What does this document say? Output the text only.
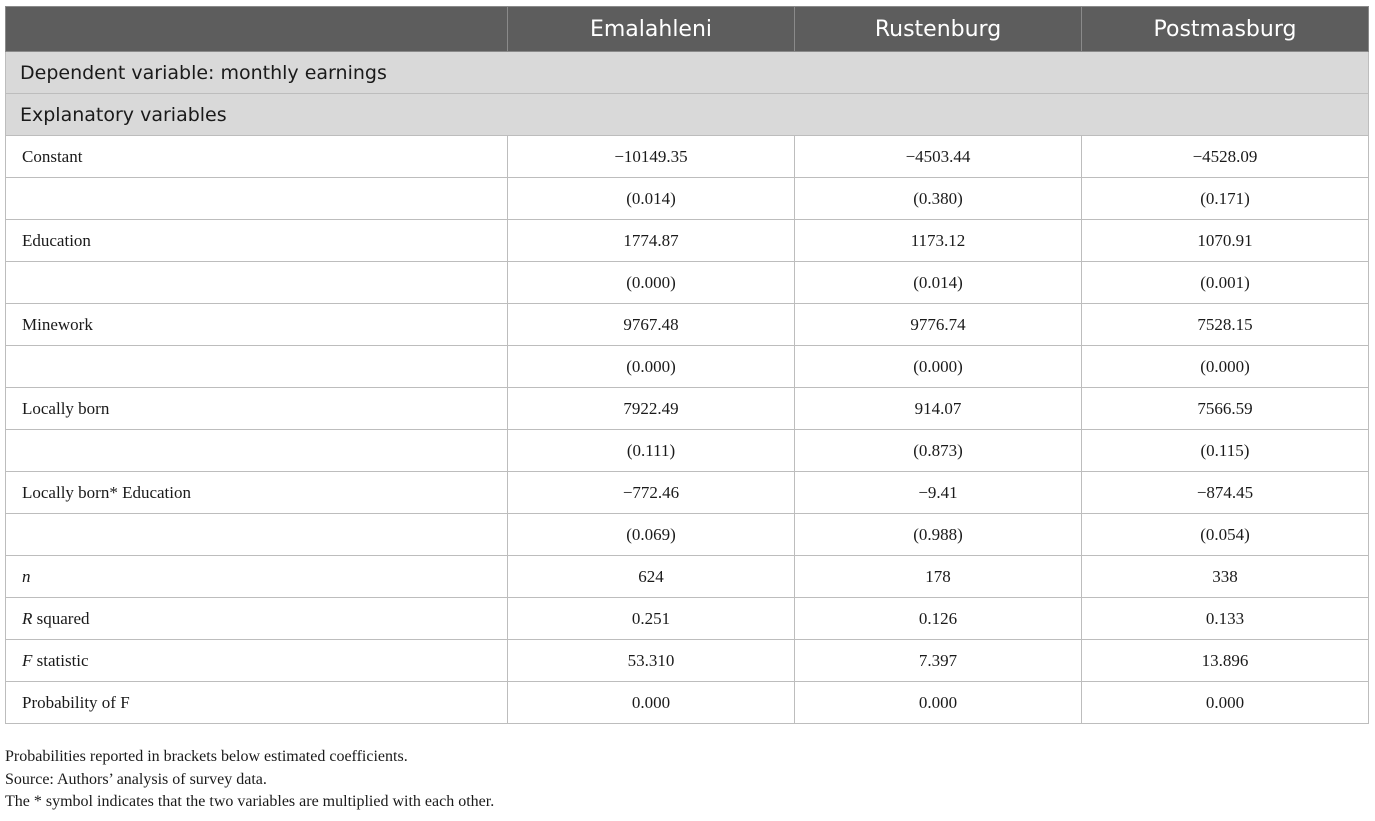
	Emalahleni	Rustenburg	Postmasburg
Dependent variable: monthly earnings			
Explanatory variables			
Constant	−10149.35	−4503.44	−4528.09
	(0.014)	(0.380)	(0.171)
Education	1774.87	1173.12	1070.91
	(0.000)	(0.014)	(0.001)
Minework	9767.48	9776.74	7528.15
	(0.000)	(0.000)	(0.000)
Locally born	7922.49	914.07	7566.59
	(0.111)	(0.873)	(0.115)
Locally born* Education	−772.46	−9.41	−874.45
	(0.069)	(0.988)	(0.054)
n	624	178	338
R squared	0.251	0.126	0.133
F statistic	53.310	7.397	13.896
Probability of F	0.000	0.000	0.000
Probabilities reported in brackets below estimated coefficients.
Source: Authors’ analysis of survey data.
The * symbol indicates that the two variables are multiplied with each other.
